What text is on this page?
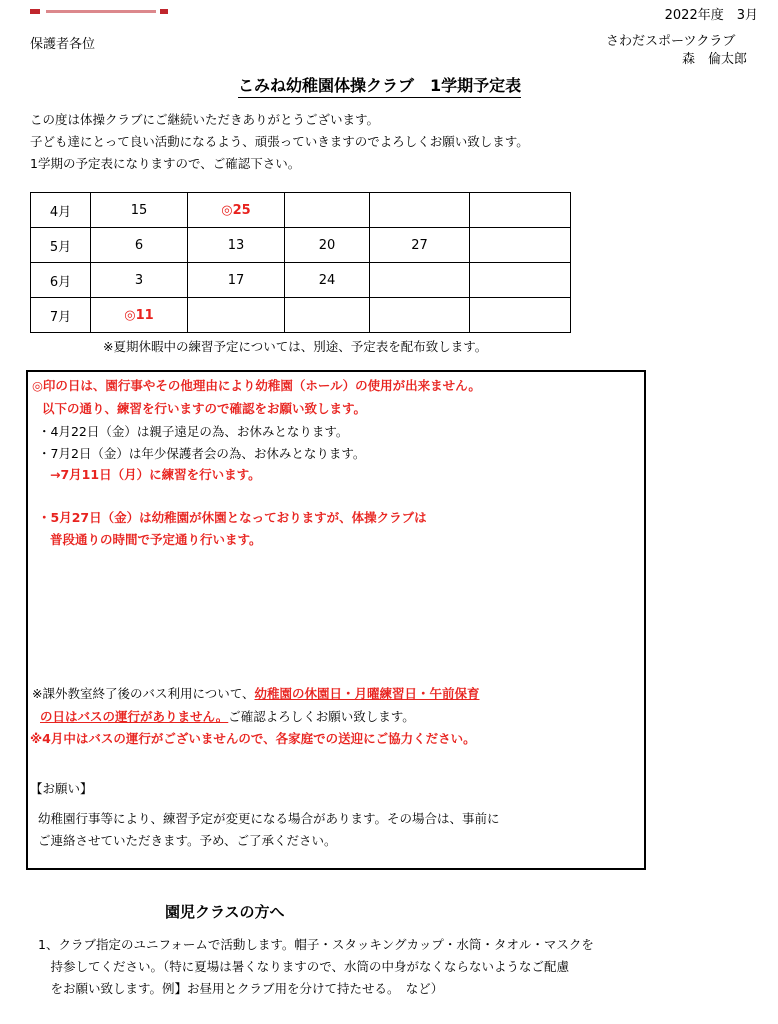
2022年度　3月
保護者各位	さわだスポーツクラブ
森　倫太郎
こみね幼稚園体操クラブ　1学期予定表
この度は体操クラブにご継続いただきありがとうございます。
子ども達にとって良い活動になるよう、頑張っていきますのでよろしくお願い致します。
1学期の予定表になりますので、ご確認下さい。
4月	15	◎25			
5月	6	13	20	27	
6月	3	17	24		
7月	◎11				
※夏期休暇中の練習予定については、別途、予定表を配布致します。
◎印の日は、園行事やその他理由により幼稚園（ホール）の使用が出来ません。
以下の通り、練習を行いますので確認をお願い致します。
・4月22日（金）は親子遠足の為、お休みとなります。
・7月2日（金）は年少保護者会の為、お休みとなります。
→7月11日（月）に練習を行います。
・5月27日（金）は幼稚園が休園となっておりますが、体操クラブは
普段通りの時間で予定通り行います。
※課外教室終了後のバス利用について、幼稚園の休園日・月曜練習日・午前保育
の日はバスの運行がありません。ご確認よろしくお願い致します。
※4月中はバスの運行がございませんので、各家庭での送迎にご協力ください。
【お願い】
幼稚園行事等により、練習予定が変更になる場合があります。その場合は、事前に
ご連絡させていただきます。予め、ご了承ください。
園児クラスの方へ
1、クラブ指定のユニフォームで活動します。帽子・スタッキングカップ・水筒・タオル・マスクを
　持参してください。（特に夏場は暑くなりますので、水筒の中身がなくならないようなご配慮
　をお願い致します。例】お昼用とクラブ用を分けて持たせる。　など）
